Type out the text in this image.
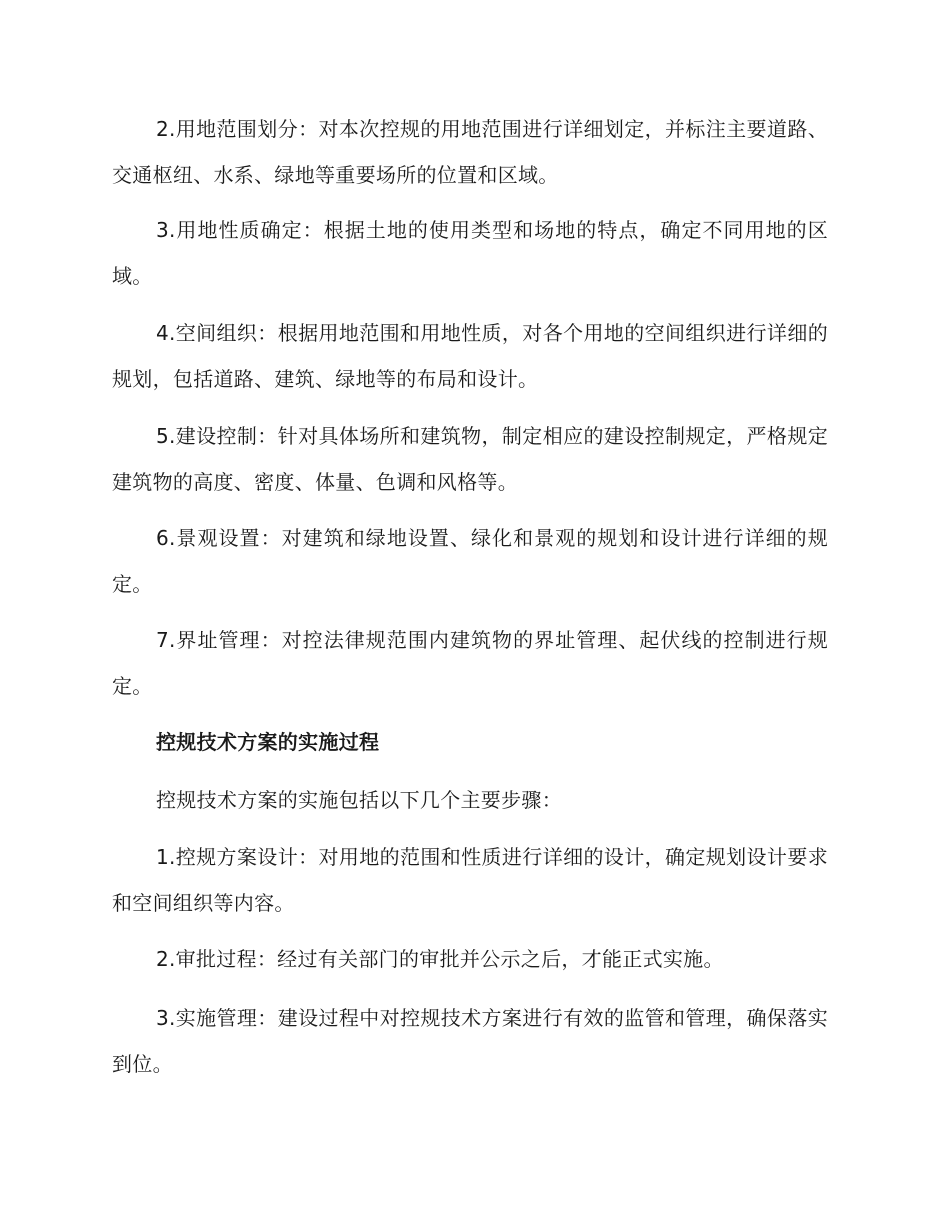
2.用地范围划分：对本次控规的用地范围进行详细划定，并标注主要道路、交通枢纽、水系、绿地等重要场所的位置和区域。

3.用地性质确定：根据土地的使用类型和场地的特点，确定不同用地的区域。

4.空间组织：根据用地范围和用地性质，对各个用地的空间组织进行详细的规划，包括道路、建筑、绿地等的布局和设计。

5.建设控制：针对具体场所和建筑物，制定相应的建设控制规定，严格规定建筑物的高度、密度、体量、色调和风格等。

6.景观设置：对建筑和绿地设置、绿化和景观的规划和设计进行详细的规定。

7.界址管理：对控法律规范围内建筑物的界址管理、起伏线的控制进行规定。

控规技术方案的实施过程

控规技术方案的实施包括以下几个主要步骤：

1.控规方案设计：对用地的范围和性质进行详细的设计，确定规划设计要求和空间组织等内容。

2.审批过程：经过有关部门的审批并公示之后，才能正式实施。

3.实施管理：建设过程中对控规技术方案进行有效的监管和管理，确保落实到位。
